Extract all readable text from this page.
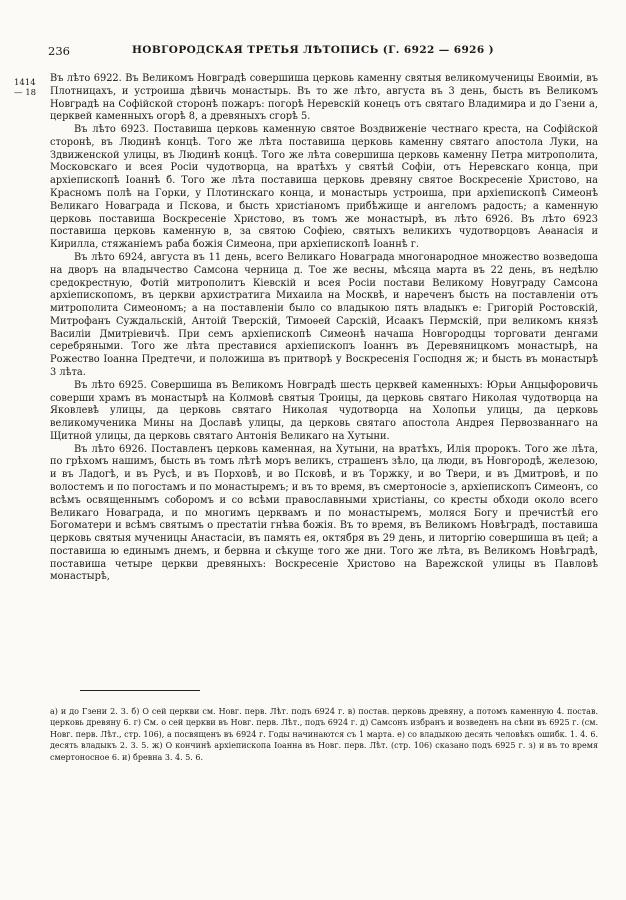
236	НОВГОРОДСКАЯ ТРЕТЬЯ ЛѢТОПИСЬ (Г. 6922 — 6926 )
1414 — 18

Въ лѣто 6922. Въ Великомъ Новградѣ совершиша церковь каменну святыя великомученицы Евоимiи, въ Плотницахъ, и устроиша дѣвичь монастырь. Въ то же лѣто, августа въ 3 день, бысть въ Великомъ Новградѣ на Софiйской сторонѣ пожаръ: погорѣ Неревскiй конецъ отъ святаго Владимира и до Гзени а, церквей каменныхъ огорѣ 8, а древяныхъ сгорѣ 5.

Въ лѣто 6923. Поставиша церковь каменную святое Воздвиженiе честнаго креста, на Софiйской сторонѣ, въ Людинѣ концѣ. Того же лѣта поставиша церковь каменну святаго апостола Луки, на Здвиженской улицы, въ Людинѣ концѣ. Того же лѣта совершиша церковь каменну Петра митрополита, Московскаго и всея Росiи чудотворца, на вратѣхъ у святѣй Софiи, отъ Неревскаго конца, при архiепископѣ Iоаннѣ б. Того же лѣта поставиша церковь древяну святое Воскресенiе Христово, на Красномъ полѣ на Горки, у Плотинскаго конца, и монастырь устроиша, при архiепископѣ Симеонѣ Великаго Новаграда и Пскова, и бысть христiаномъ прибѣжище и ангеломъ радость; а каменную церковь поставиша Воскресенiе Христово, въ томъ же монастырѣ, въ лѣто 6926. Въ лѣто 6923 поставиша церковь каменную в, за святою Софiею, святыхъ великихъ чудотворцовъ Аѳанасiя и Кирилла, стяжанiемъ раба божiя Симеона, при архiепископѣ Iоаннѣ г.

Въ лѣто 6924, августа въ 11 день, всего Великаго Новаграда многонародное множество возведоша на дворъ на владычество Самсона черница д. Тое же весны, мѣсяца марта въ 22 день, въ недѣлю средокрестную, Фотiй митрополитъ Кiевскiй и всея Росiи постави Великому Новуграду Самсона архiепископомъ, въ церкви архистратига Михаила на Москвѣ, и нареченъ бысть на поставленiи отъ митрополита Симеономъ; а на поставленiи было со владыкою пять владыкъ е: Григорiй Ростовскiй, Митрофанъ Суждальскiй, Антоiй Тверскiй, Тимоѳей Сарскiй, Исаакъ Пермскiй, при великомъ князѣ Василiи Дмитрiевичѣ. При семъ архiепископѣ Симеонѣ начаша Новгородцы торговати денгами серебряными. Того же лѣта преставися архiепископъ Iоаннъ въ Деревяницкомъ монастырѣ, на Рожество Iоанна Предтечи, и положиша въ притворѣ у Воскресенiя Господня ж; и бысть въ монастырѣ 3 лѣта.

Въ лѣто 6925. Совершиша въ Великомъ Новградѣ шесть церквей каменныхъ: Юрьи Анцыфоровичь соверши храмъ въ монастырѣ на Колмовѣ святыя Троицы, да церковь святаго Николая чудотворца на Яковлевѣ улицы, да церковь святаго Николая чудотворца на Холопьи улицы, да церковь великомученика Мины на Дославѣ улицы, да церковь святаго апостола Андрея Первозваннаго на Щитной улицы, да церковь святаго Антонiя Великаго на Хутыни.

Въ лѣто 6926. Поставленъ церковь каменная, на Хутыни, на вратѣхъ, Илiя пророкъ. Того же лѣта, по грѣхомъ нашимъ, бысть въ томъ лѣтѣ моръ великъ, страшенъ зѣло, ца люди, въ Новгородѣ, железою, и въ Ладогѣ, и въ Русѣ, и въ Порховѣ, и во Псковѣ, и въ Торжку, и во Твери, и въ Дмитровѣ, и по волостемъ и по погостамъ и по монастыремъ; и въ то время, въ смертоносiе з, архiепископъ Симеонъ, со всѣмъ освященнымъ соборомъ и со всѣми православными христiаны, со кресты обходи около всего Великаго Новаграда, и по многимъ церквамъ и по монастыремъ, моляся Богу и пречистѣй его Богоматери и всѣмъ святымъ о престатiи гнѣва божiя. Въ то время, въ Великомъ Новѣградѣ, поставиша церковь святыя мученицы Анастасiи, въ память ея, октября въ 29 день, и литоргiю совершиша въ цей; а поставиша ю единымъ днемъ, и бервна и сѣкуще того же дни. Того же лѣта, въ Великомъ Новѣградѣ, поставиша четыре церкви древяныхъ: Воскресенiе Христово на Варежской улицы въ Павловѣ монастырѣ,

а) и до Гзени 2. 3. б) О сей церкви см. Новг. перв. Лѣт. подъ 6924 г. в) постав. церковь древяну, а потомъ каменную 4. постав. церковь древяну 6. г) См. о сей церкви въ Новг. перв. Лѣт., подъ 6924 г. д) Самсонъ избранъ и возведенъ на сѣни въ 6925 г. (см. Новг. перв. Лѣт., стр. 106), а посвященъ въ 6924 г. Годы начинаются съ 1 марта. е) со владыкою десять человѣкъ ошибк. 1. 4. 6. десять владыкъ 2. 3. 5. ж) О кончинѣ архiепископа Iоанна въ Новг. перв. Лѣт. (стр. 106) сказано подъ 6925 г. з) и въ то время смертоносное 6. и) бревна 3. 4. 5. 6.
